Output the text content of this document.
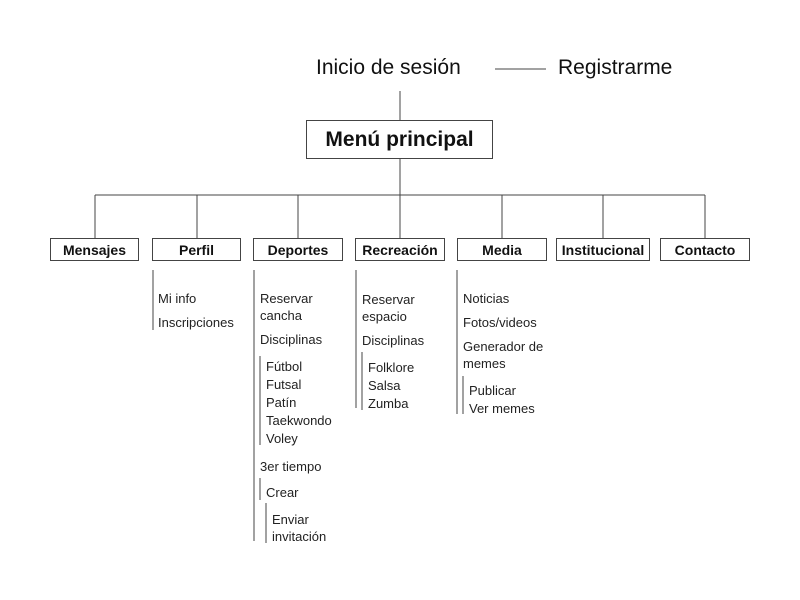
Inicio de sesión	Registrarme
Menú principal
Mensajes	Perfil	Deportes	Recreación	Media	Institucional	Contacto
Mi info
Inscripciones
Reservar
cancha
Disciplinas
Fútbol
Futsal
Patín
Taekwondo
Voley
3er tiempo
Crear
Enviar
invitación
Reservar
espacio
Disciplinas
Folklore
Salsa
Zumba
Noticias
Fotos/videos
Generador de
memes
Publicar
Ver memes
